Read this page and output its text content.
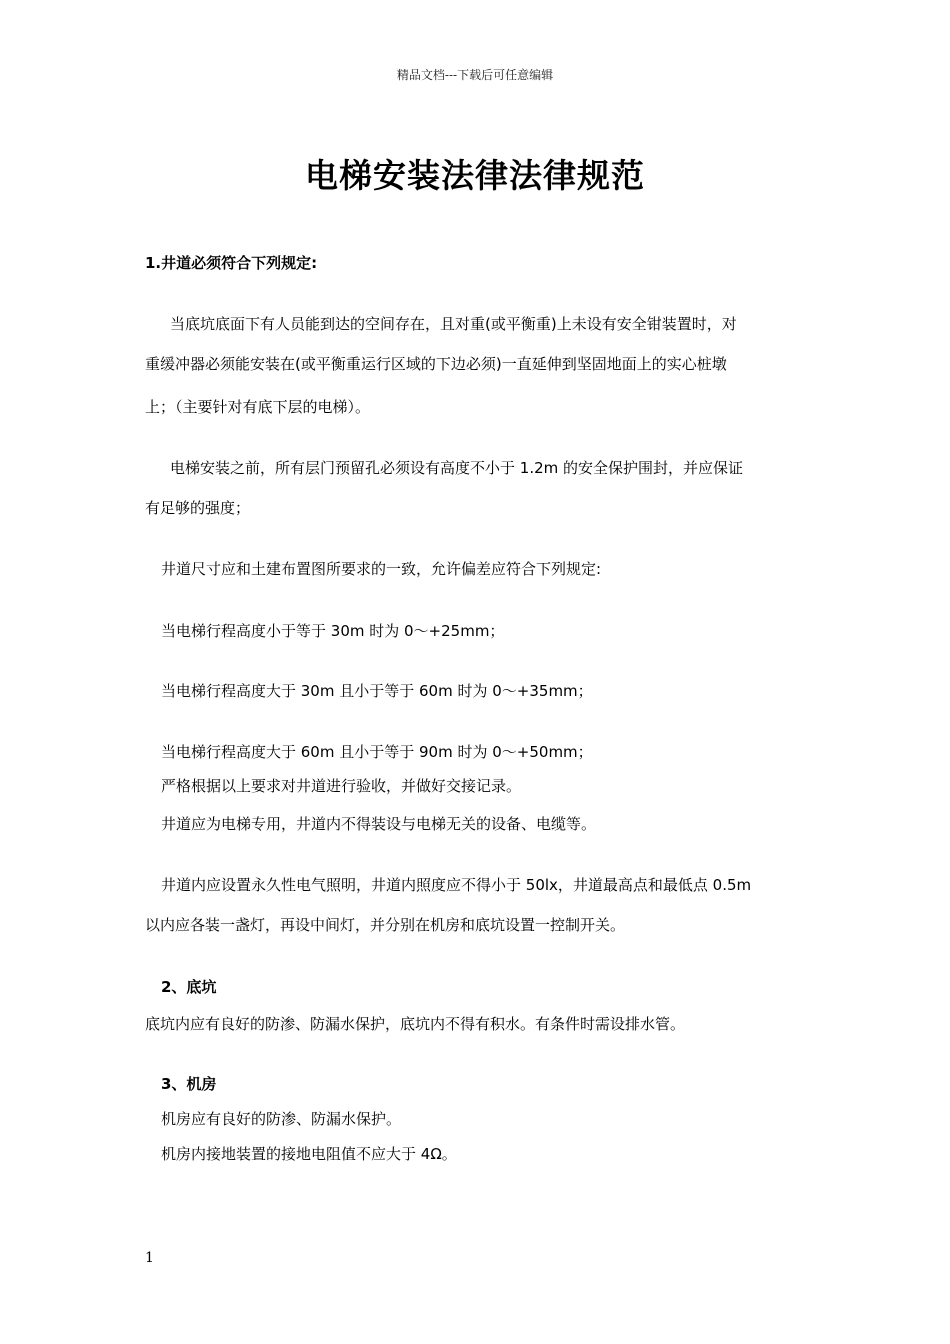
精品文档---下载后可任意编辑
电梯安装法律法律规范
1.井道必须符合下列规定:
当底坑底面下有人员能到达的空间存在，且对重(或平衡重)上未设有安全钳装置时，对
重缓冲器必须能安装在(或平衡重运行区域的下边必须)一直延伸到坚固地面上的实心桩墩
上；（主要针对有底下层的电梯）。
电梯安装之前，所有层门预留孔必须设有高度不小于 1.2m 的安全保护围封，并应保证
有足够的强度；
井道尺寸应和土建布置图所要求的一致，允许偏差应符合下列规定:
当电梯行程高度小于等于 30m 时为 0～+25mm；
当电梯行程高度大于 30m 且小于等于 60m 时为 0～+35mm；
当电梯行程高度大于 60m 且小于等于 90m 时为 0～+50mm；
严格根据以上要求对井道进行验收，并做好交接记录。
井道应为电梯专用，井道内不得装设与电梯无关的设备、电缆等。
井道内应设置永久性电气照明，井道内照度应不得小于 50lx，井道最高点和最低点 0.5m
以内应各装一盏灯，再设中间灯，并分别在机房和底坑设置一控制开关。
2、底坑
底坑内应有良好的防渗、防漏水保护，底坑内不得有积水。有条件时需设排水管。
3、机房
机房应有良好的防渗、防漏水保护。
机房内接地装置的接地电阻值不应大于 4Ω。
1
